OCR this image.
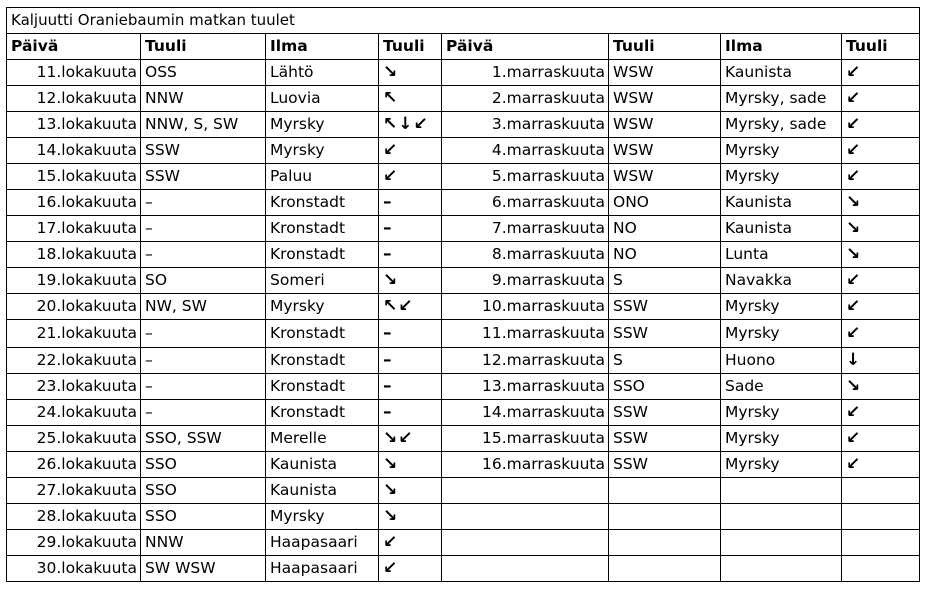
Kaljuutti Oraniebaumin matkan tuulet							
Päivä	Tuuli	Ilma	Tuuli	Päivä	Tuuli	Ilma	Tuuli
11.lokakuuta	OSS	Lähtö	↘	1.marraskuuta	WSW	Kaunista	↙
12.lokakuuta	NNW	Luovia	↖	2.marraskuuta	WSW	Myrsky, sade	↙
13.lokakuuta	NNW, S, SW	Myrsky	↖↓↙	3.marraskuuta	WSW	Myrsky, sade	↙
14.lokakuuta	SSW	Myrsky	↙	4.marraskuuta	WSW	Myrsky	↙
15.lokakuuta	SSW	Paluu	↙	5.marraskuuta	WSW	Myrsky	↙
16.lokakuuta	–	Kronstadt	–	6.marraskuuta	ONO	Kaunista	↘
17.lokakuuta	–	Kronstadt	–	7.marraskuuta	NO	Kaunista	↘
18.lokakuuta	–	Kronstadt	–	8.marraskuuta	NO	Lunta	↘
19.lokakuuta	SO	Someri	↘	9.marraskuuta	S	Navakka	↙
20.lokakuuta	NW, SW	Myrsky	↖↙	10.marraskuuta	SSW	Myrsky	↙
21.lokakuuta	–	Kronstadt	–	11.marraskuuta	SSW	Myrsky	↙
22.lokakuuta	–	Kronstadt	–	12.marraskuuta	S	Huono	↓
23.lokakuuta	–	Kronstadt	–	13.marraskuuta	SSO	Sade	↘
24.lokakuuta	–	Kronstadt	–	14.marraskuuta	SSW	Myrsky	↙
25.lokakuuta	SSO, SSW	Merelle	↘↙	15.marraskuuta	SSW	Myrsky	↙
26.lokakuuta	SSO	Kaunista	↘	16.marraskuuta	SSW	Myrsky	↙
27.lokakuuta	SSO	Kaunista	↘				
28.lokakuuta	SSO	Myrsky	↘				
29.lokakuuta	NNW	Haapasaari	↙				
30.lokakuuta	SW WSW	Haapasaari	↙				
